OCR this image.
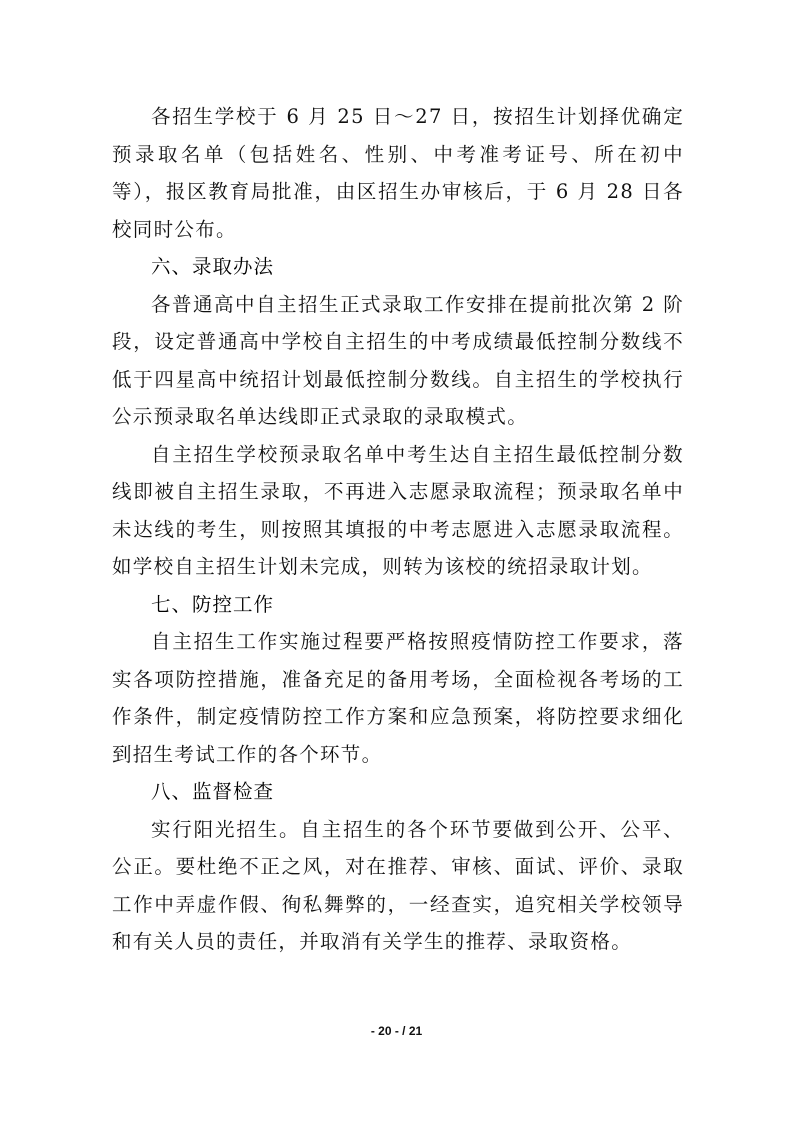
各招生学校于 6 月 25 日～27 日，按招生计划择优确定预录取名单（包括姓名、性别、中考准考证号、所在初中等），报区教育局批准，由区招生办审核后，于 6 月 28 日各校同时公布。

六、录取办法

各普通高中自主招生正式录取工作安排在提前批次第 2 阶段，设定普通高中学校自主招生的中考成绩最低控制分数线不低于四星高中统招计划最低控制分数线。自主招生的学校执行公示预录取名单达线即正式录取的录取模式。

自主招生学校预录取名单中考生达自主招生最低控制分数线即被自主招生录取，不再进入志愿录取流程；预录取名单中未达线的考生，则按照其填报的中考志愿进入志愿录取流程。如学校自主招生计划未完成，则转为该校的统招录取计划。

七、防控工作

自主招生工作实施过程要严格按照疫情防控工作要求，落实各项防控措施，准备充足的备用考场，全面检视各考场的工作条件，制定疫情防控工作方案和应急预案，将防控要求细化到招生考试工作的各个环节。

八、监督检查

实行阳光招生。自主招生的各个环节要做到公开、公平、公正。要杜绝不正之风，对在推荐、审核、面试、评价、录取工作中弄虚作假、徇私舞弊的，一经查实，追究相关学校领导和有关人员的责任，并取消有关学生的推荐、录取资格。

- 20 - / 21
